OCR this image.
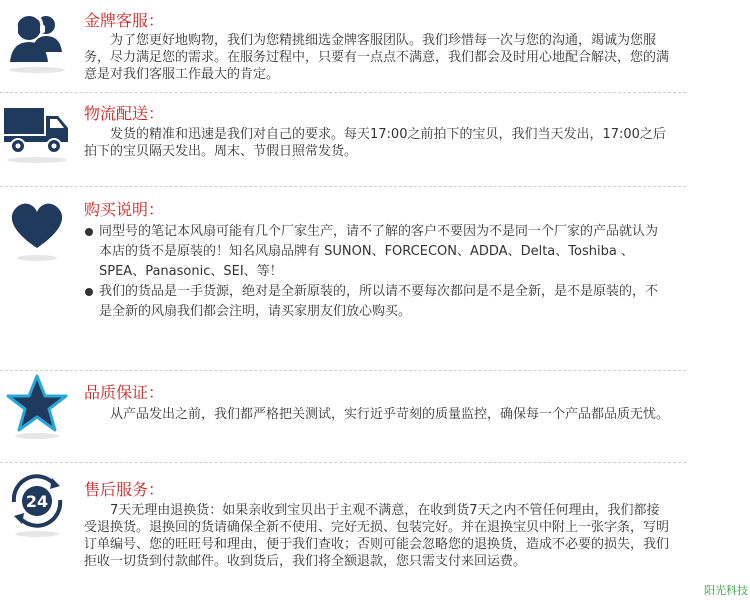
金牌客服：

为了您更好地购物，我们为您精挑细选金牌客服团队。我们珍惜每一次与您的沟通，竭诚为您服务，尽力满足您的需求。在服务过程中，只要有一点点不满意，我们都会及时用心地配合解决，您的满意是对我们客服工作最大的肯定。

物流配送：

发货的精准和迅速是我们对自己的要求。每天17:00之前拍下的宝贝，我们当天发出，17:00之后拍下的宝贝隔天发出。周末、节假日照常发货。

购买说明：
同型号的笔记本风扇可能有几个厂家生产，请不了解的客户不要因为不是同一个厂家的产品就认为本店的货不是原装的！知名风扇品牌有 SUNON、FORCECON、ADDA、Delta、Toshiba 、SPEA、Panasonic、SEI、等！
我们的货品是一手货源，绝对是全新原装的，所以请不要每次都问是不是全新，是不是原装的，不是全新的风扇我们都会注明，请买家朋友们放心购买。
品质保证：

从产品发出之前，我们都严格把关测试，实行近乎苛刻的质量监控，确保每一个产品都品质无忧。

24
售后服务：

7天无理由退换货：如果亲收到宝贝出于主观不满意，在收到货7天之内不管任何理由，我们都接受退换货。退换回的货请确保全新不使用、完好无损、包装完好。并在退换宝贝中附上一张字条，写明订单编号、您的旺旺号和理由，便于我们查收；否则可能会忽略您的退换货，造成不必要的损失，我们拒收一切货到付款邮件。收到货后，我们将全额退款，您只需支付来回运费。

阳光科技
